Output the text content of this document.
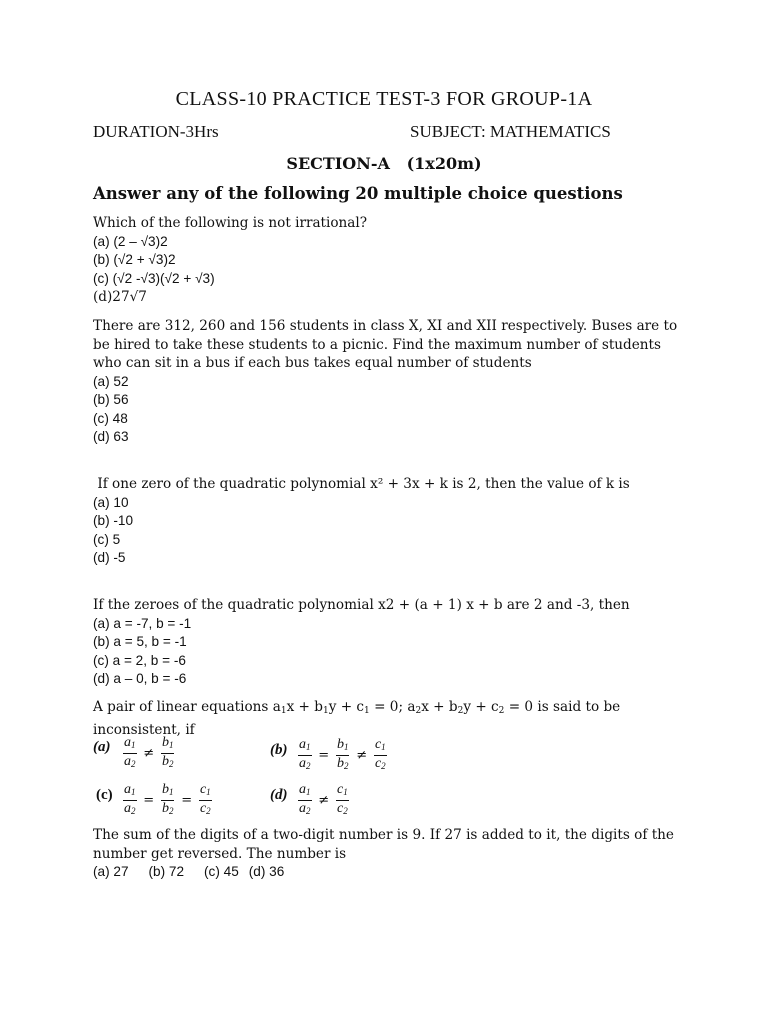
CLASS-10 PRACTICE TEST-3 FOR GROUP-1A
DURATION-3Hrs	SUBJECT: MATHEMATICS
SECTION-A   (1x20m)
Answer any of the following 20 multiple choice questions
Which of the following is not irrational?
(a) (2 – √3)2
(b) (√2 + √3)2
(c) (√2 -√3)(√2 + √3)
(d)27√7
There are 312, 260 and 156 students in class X, XI and XII respectively. Buses are to be hired to take these students to a picnic. Find the maximum number of students who can sit in a bus if each bus takes equal number of students
(a) 52
(b) 56
(c) 48
(d) 63
If one zero of the quadratic polynomial x² + 3x + k is 2, then the value of k is
(a) 10
(b) -10
(c) 5
(d) -5
If the zeroes of the quadratic polynomial x2 + (a + 1) x + b are 2 and -3, then
(a) a = -7, b = -1
(b) a = 5, b = -1
(c) a = 2, b = -6
(d) a – 0, b = -6
A pair of linear equations $a_1x + b_1y + c_1 = 0$; $a_2x + b_2y + c_2 = 0$ is said to be inconsistent, if
$(a) \frac{a_1}{a_2} \ne \frac{b_1}{b_2}$	$(b) \frac{a_1}{a_2} = \frac{b_1}{b_2} \ne \frac{c_1}{c_2}$
$(c) \frac{a_1}{a_2} = \frac{b_1}{b_2} = \frac{c_1}{c_2}$	$(d) \frac{a_1}{a_2} \ne \frac{c_1}{c_2}$
The sum of the digits of a two-digit number is 9. If 27 is added to it, the digits of the number get reversed. The number is
(a) 27 (b) 72 (c) 45 (d) 36
